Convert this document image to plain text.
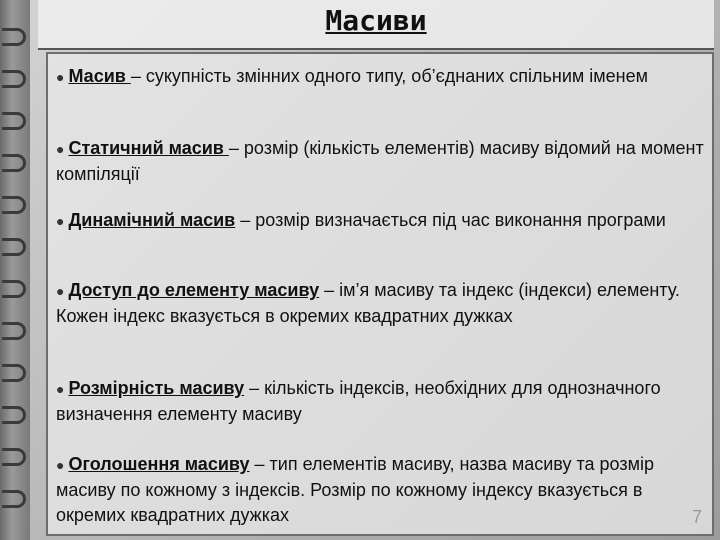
Масиви
● Масив – сукупність змінних одного типу, об’єднаних спільним іменем
● Статичний масив – розмір (кількість елементів) масиву відомий на момент компіляції
● Динамічний масив – розмір визначається під час виконання програми
● Доступ до елементу масиву – ім’я масиву та індекс (індекси) елементу. Кожен індекс вказується в окремих квадратних дужках
● Розмірність масиву – кількість індексів, необхідних для однозначного визначення елементу масиву
● Оголошення масиву – тип елементів масиву, назва масиву та розмір масиву по кожному з індексів. Розмір по кожному індексу вказується в окремих квадратних дужках	7
